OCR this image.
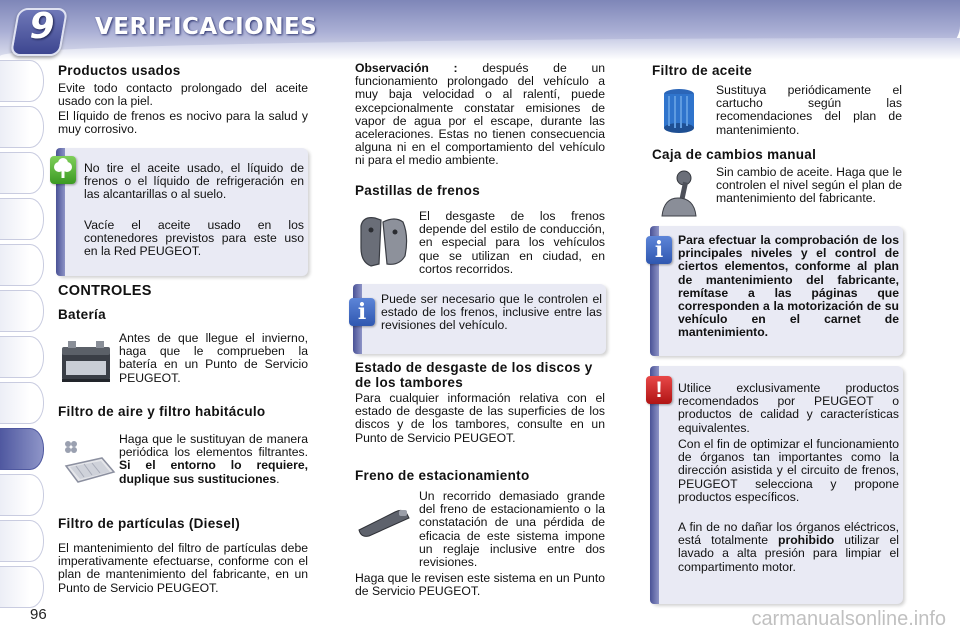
9	VERIFICACIONES
96
Productos usados
Evite todo contacto prolongado del aceite usado con la piel.
El líquido de frenos es nocivo para la salud y muy corrosivo.
No tire el aceite usado, el líquido de frenos o el líquido de refrigeración en las alcantarillas o al suelo.
Vacíe el aceite usado en los contenedores previstos para este uso en la Red PEUGEOT.
CONTROLES
Batería
Antes de que llegue el invierno, haga que le comprueben la batería en un Punto de Servicio PEUGEOT.
Filtro de aire y filtro habitáculo
Haga que le sustituyan de manera periódica los elementos filtrantes. Si el entorno lo requiere, duplique sus sustituciones.
Filtro de partículas (Diesel)
El mantenimiento del filtro de partículas debe imperativamente efectuarse, conforme con el plan de mantenimiento del fabricante, en un Punto de Servicio PEUGEOT.
Observación : después de un funcionamiento prolongado del vehículo a muy baja velocidad o al ralentí, puede excepcionalmente constatar emisiones de vapor de agua por el escape, durante las aceleraciones. Estas no tienen consecuencia alguna ni en el comportamiento del vehículo ni para el medio ambiente.
Pastillas de frenos
El desgaste de los frenos depende del estilo de conducción, en especial para los vehículos que se utilizan en ciudad, en cortos recorridos.
i	Puede ser necesario que le controlen el estado de los frenos, inclusive entre las revisiones del vehículo.
Estado de desgaste de los discos y de los tambores
Para cualquier información relativa con el estado de desgaste de las superficies de los discos y de los tambores, consulte en un Punto de Servicio PEUGEOT.
Freno de estacionamiento
Un recorrido demasiado grande del freno de estacionamiento o la constatación de una pérdida de eficacia de este sistema impone un reglaje inclusive entre dos revisiones.
Haga que le revisen este sistema en un Punto de Servicio PEUGEOT.
Filtro de aceite
Sustituya periódicamente el cartucho según las recomendaciones del plan de mantenimiento.
Caja de cambios manual
Sin cambio de aceite. Haga que le controlen el nivel según el plan de mantenimiento del fabricante.
i	Para efectuar la comprobación de los principales niveles y el control de ciertos elementos, conforme al plan de mantenimiento del fabricante, remítase a las páginas que corresponden a la motorización de su vehículo en el carnet de mantenimiento.
!	Utilice exclusivamente productos recomendados por PEUGEOT o productos de calidad y características equivalentes.
Con el fin de optimizar el funcionamiento de órganos tan importantes como la dirección asistida y el circuito de frenos, PEUGEOT selecciona y propone productos específicos.
A fin de no dañar los órganos eléctricos, está totalmente prohibido utilizar el lavado a alta presión para limpiar el compartimento motor.
carmanualsonline.info
